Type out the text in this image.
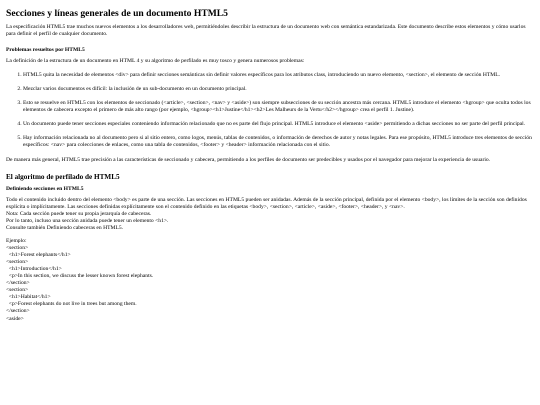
Secciones y líneas generales de un documento HTML5

La especificación HTML5 trae muchos nuevos elementos a los desarrolladores web, permitiéndoles describir la estructura de un documento web con semántica estandarizada. Este documento describe estos elementos y cómo usarlos para definir el perfil de cualquier documento.

Problemas resueltos por HTML5

La definición de la estructura de un documento en HTML 4 y su algoritmo de perfilado es muy tosco y genera numerosos problemas:

1. HTML5 quita la necesidad de elementos <div> para definir secciones semánticas sin definir valores específicos para los atributos class, introduciendo un nuevo elemento, <section>, el elemento de sección HTML.
2. Mezclar varios documentos es difícil: la inclusión de un sub-documento en un documento principal.
3. Esto se resuelve en HTML5 con los elementos de seccionado (<article>, <section>, <nav> y <aside>) son siempre subsecciones de su sección ancestra más cercana. HTML5 introduce el elemento <hgroup> que oculta todos los elementos de cabecera excepto el primero de más alto rango (por ejemplo, <hgroup><h1>Justine</h1><h2>Les Malheurs de la Vertu</h2></hgroup> crea el perfil 1. Justine).
4. Un documento puede tener secciones especiales conteniendo información relacionado que no es parte del flujo principal. HTML5 introduce el elemento <aside> permitiendo a dichas secciones no ser parte del perfil principal.
5. Hay información relacionada no al documento pero si al sitio entero, como logos, menús, tablas de contenidos, o información de derechos de autor y notas legales. Para ese propósito, HTML5 introduce tres elementos de sección específicos: <nav> para colecciones de enlaces, como una tabla de contenidos, <footer> y <header> información relacionada con el sitio.

De manera más general, HTML5 trae precisión a las características de seccionado y cabecera, permitiendo a los perfiles de documento ser predecibles y usados por el navegador para mejorar la experiencia de usuario.

El algoritmo de perfilado de HTML5
Definiendo secciones en HTML5
Todo el contenido incluido dentro del elemento <body> es parte de una sección. Las secciones en HTML5 pueden ser anidadas. Además de la sección principal, definida por el elemento <body>, los límites de la sección son definidos explícita o implícitamente. Las secciones definidas explícitamente son el contenido definido en las etiquetas <body>, <section>, <article>, <aside>, <footer>, <header>, y <nav>.
Nota: Cada sección puede tener su propia jerarquía de cabeceras.
Por lo tanto, incluso una sección anidada puede tener un elemento <h1>.
Consulte también Definiendo cabeceras en HTML5.
Ejemplo:
<section>
<h1>Forest elephants</h1>
<section>
<h1>Introduction</h1>
<p>In this section, we discuss the lesser known forest elephants.
</section>
<section>
<h1>Habitat</h1>
<p>Forest elephants do not live in trees but among them.
</section>
<aside>
